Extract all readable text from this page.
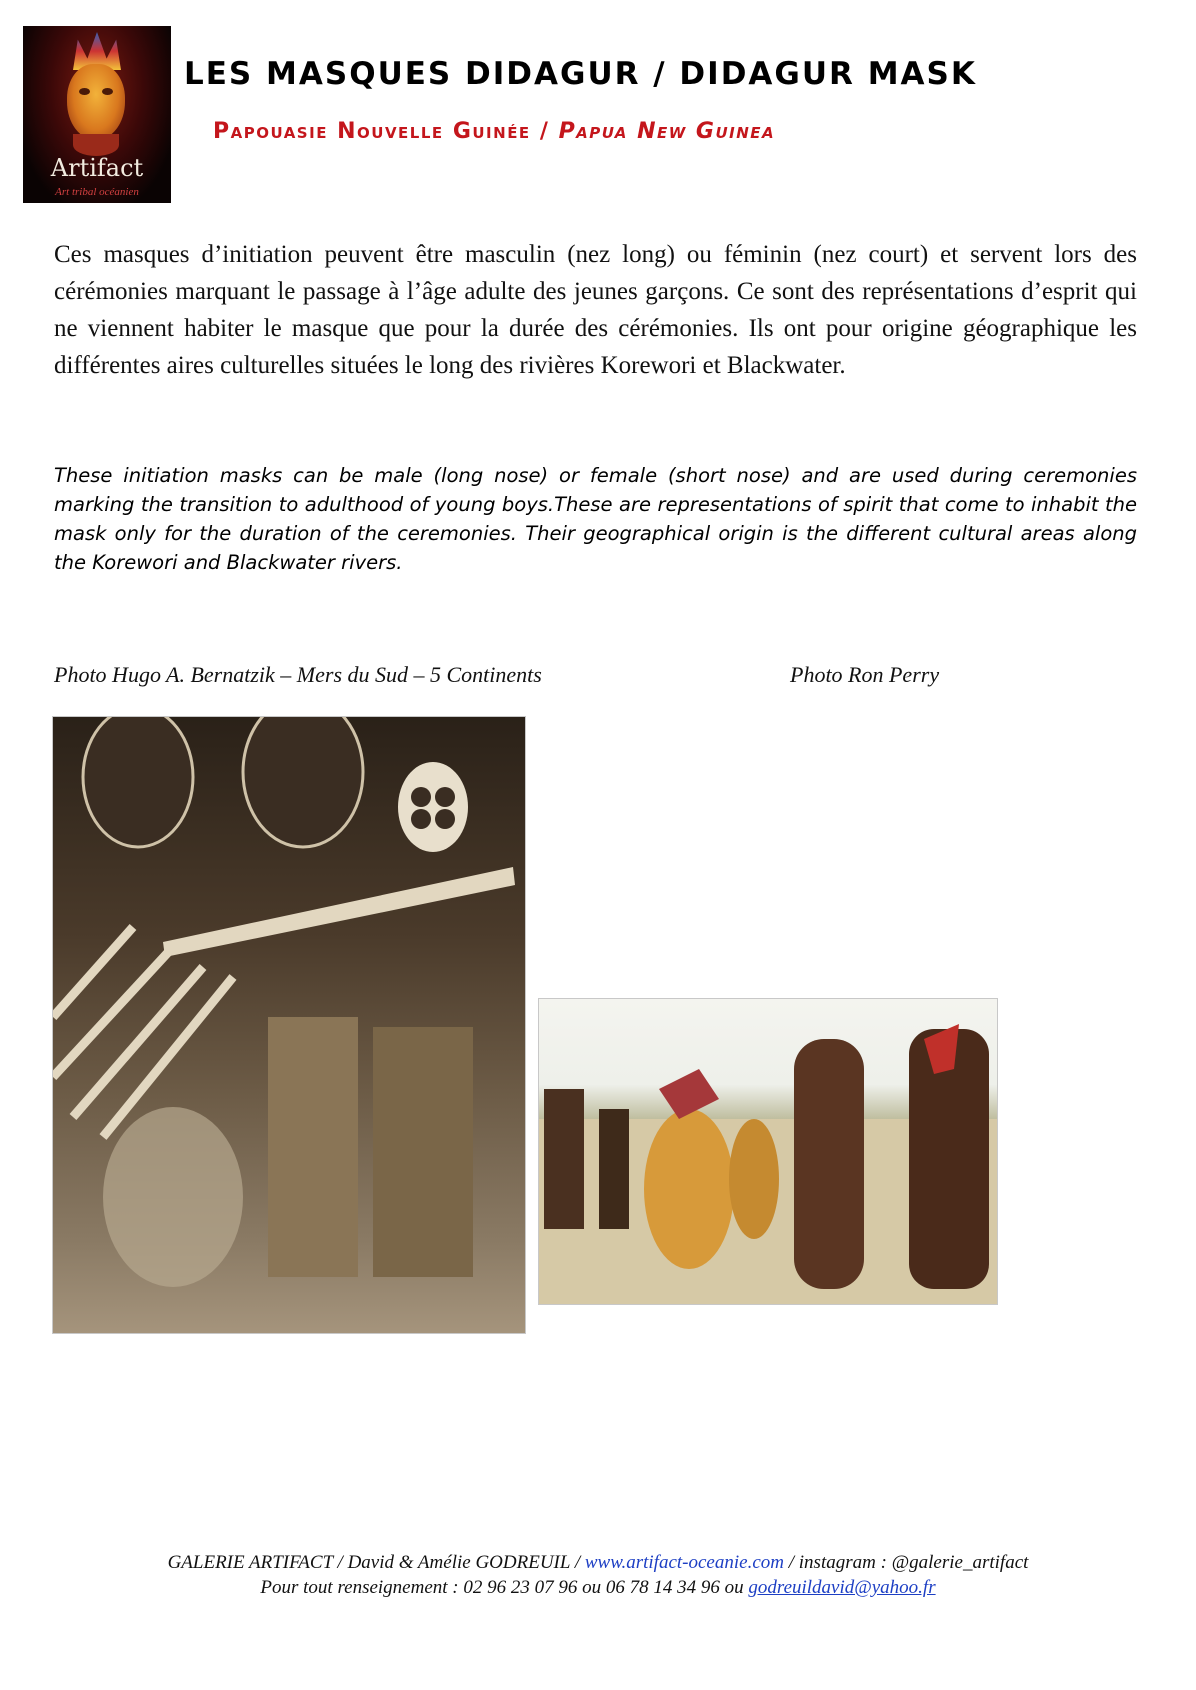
Artifact
Art tribal océanien
LES MASQUES DIDAGUR / DIDAGUR MASK
Papouasie Nouvelle Guinée / Papua New Guinea
Ces masques d’initiation peuvent être masculin (nez long) ou féminin (nez court) et servent lors des cérémonies marquant le passage à l’âge adulte des jeunes garçons. Ce sont des représentations d’esprit qui ne viennent habiter le masque que pour la durée des cérémonies. Ils ont pour origine géographique les différentes aires culturelles situées le long des rivières Korewori et Blackwater.
These initiation masks can be male (long nose) or female (short nose) and are used during ceremonies marking the transition to adulthood of young boys.These are representations of spirit that come to inhabit the mask only for the duration of the ceremonies. Their geographical origin is the different cultural areas along the Korewori and Blackwater rivers.
Photo Hugo A. Bernatzik – Mers du Sud – 5 Continents	Photo Ron Perry
GALERIE ARTIFACT / David & Amélie GODREUIL / www.artifact-oceanie.com / instagram : @galerie_artifact
Pour tout renseignement : 02 96 23 07 96 ou 06 78 14 34 96 ou godreuildavid@yahoo.fr
